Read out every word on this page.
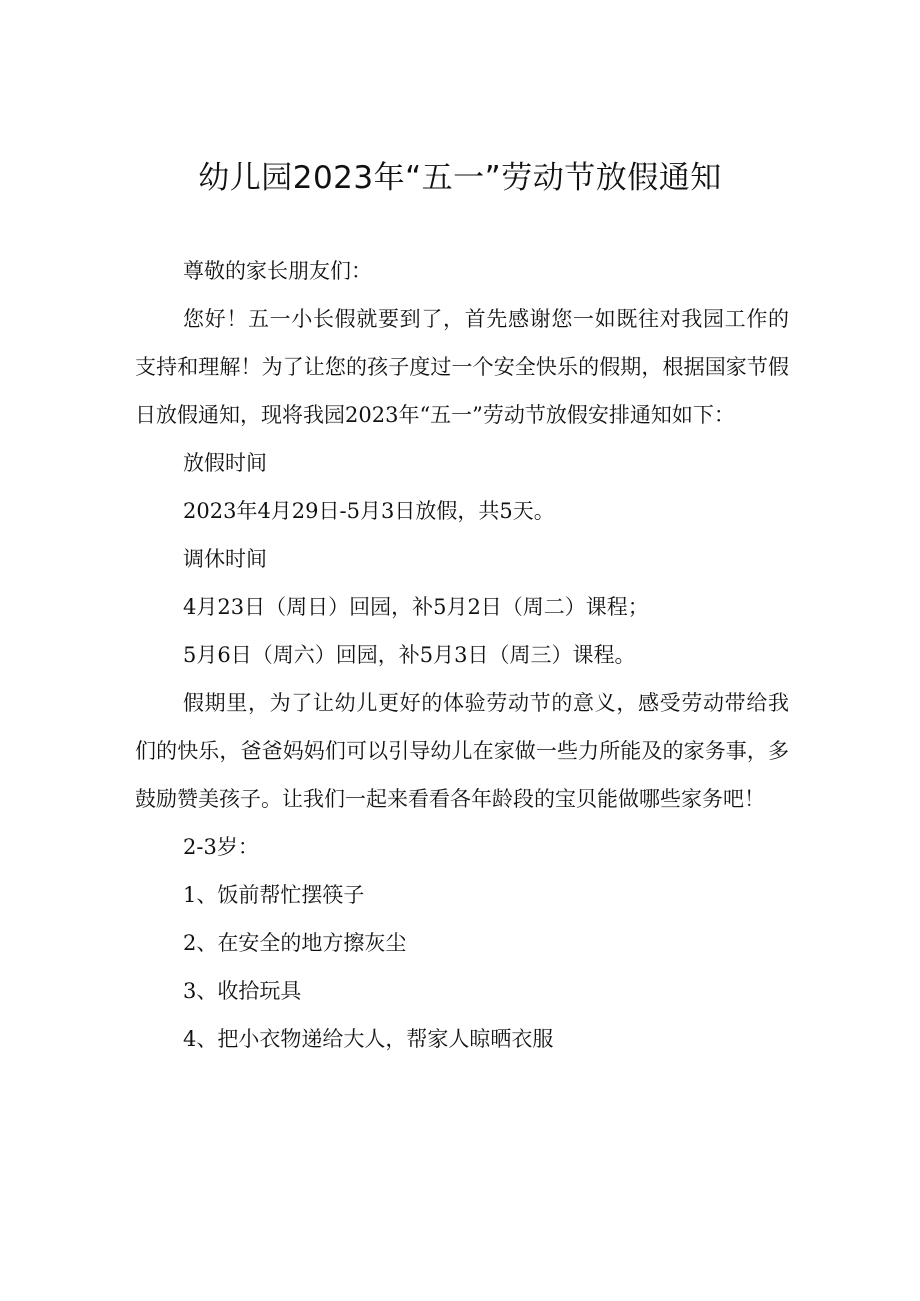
幼儿园2023年“五一”劳动节放假通知

尊敬的家长朋友们：

您好！五一小长假就要到了，首先感谢您一如既往对我园工作的支持和理解！为了让您的孩子度过一个安全快乐的假期，根据国家节假日放假通知，现将我园2023年“五一”劳动节放假安排通知如下：

放假时间

2023年4月29日-5月3日放假，共5天。

调休时间

4月23日（周日）回园，补5月2日（周二）课程；

5月6日（周六）回园，补5月3日（周三）课程。

假期里，为了让幼儿更好的体验劳动节的意义，感受劳动带给我们的快乐，爸爸妈妈们可以引导幼儿在家做一些力所能及的家务事，多鼓励赞美孩子。让我们一起来看看各年龄段的宝贝能做哪些家务吧！

2-3岁：

1、饭前帮忙摆筷子

2、在安全的地方擦灰尘

3、收拾玩具

4、把小衣物递给大人，帮家人晾晒衣服
